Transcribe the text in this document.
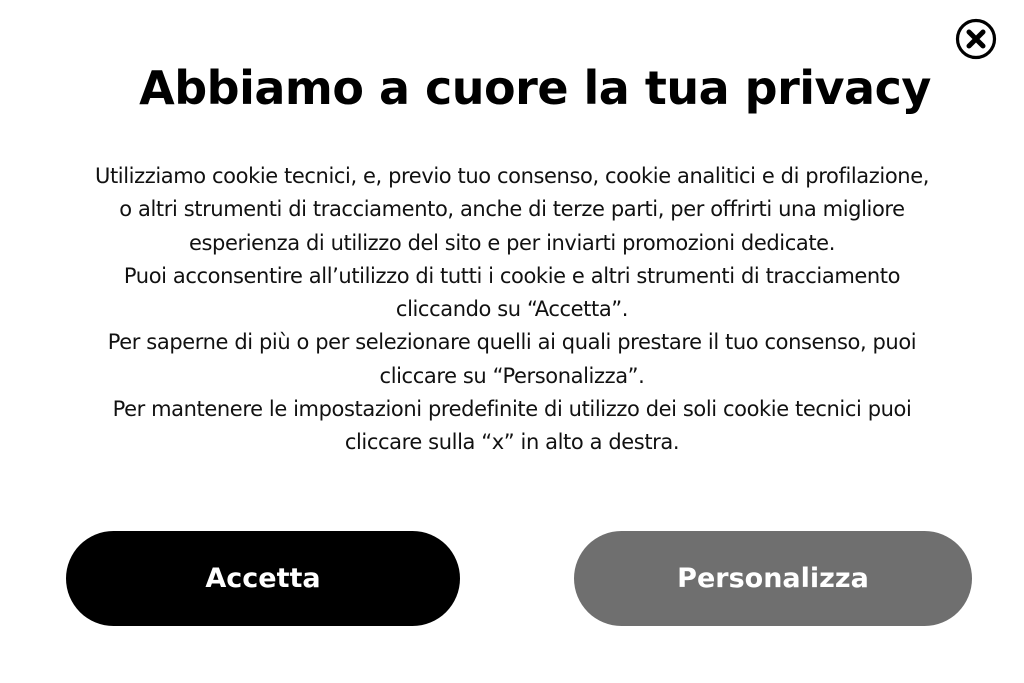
Abbiamo a cuore la tua privacy
Utilizziamo cookie tecnici, e, previo tuo consenso, cookie analitici e di profilazione,
o altri strumenti di tracciamento, anche di terze parti, per offrirti una migliore
esperienza di utilizzo del sito e per inviarti promozioni dedicate.
Puoi acconsentire all’utilizzo di tutti i cookie e altri strumenti di tracciamento
cliccando su “Accetta”.
Per saperne di più o per selezionare quelli ai quali prestare il tuo consenso, puoi
cliccare su “Personalizza”.
Per mantenere le impostazioni predefinite di utilizzo dei soli cookie tecnici puoi
cliccare sulla “x” in alto a destra.
Accetta	Personalizza
